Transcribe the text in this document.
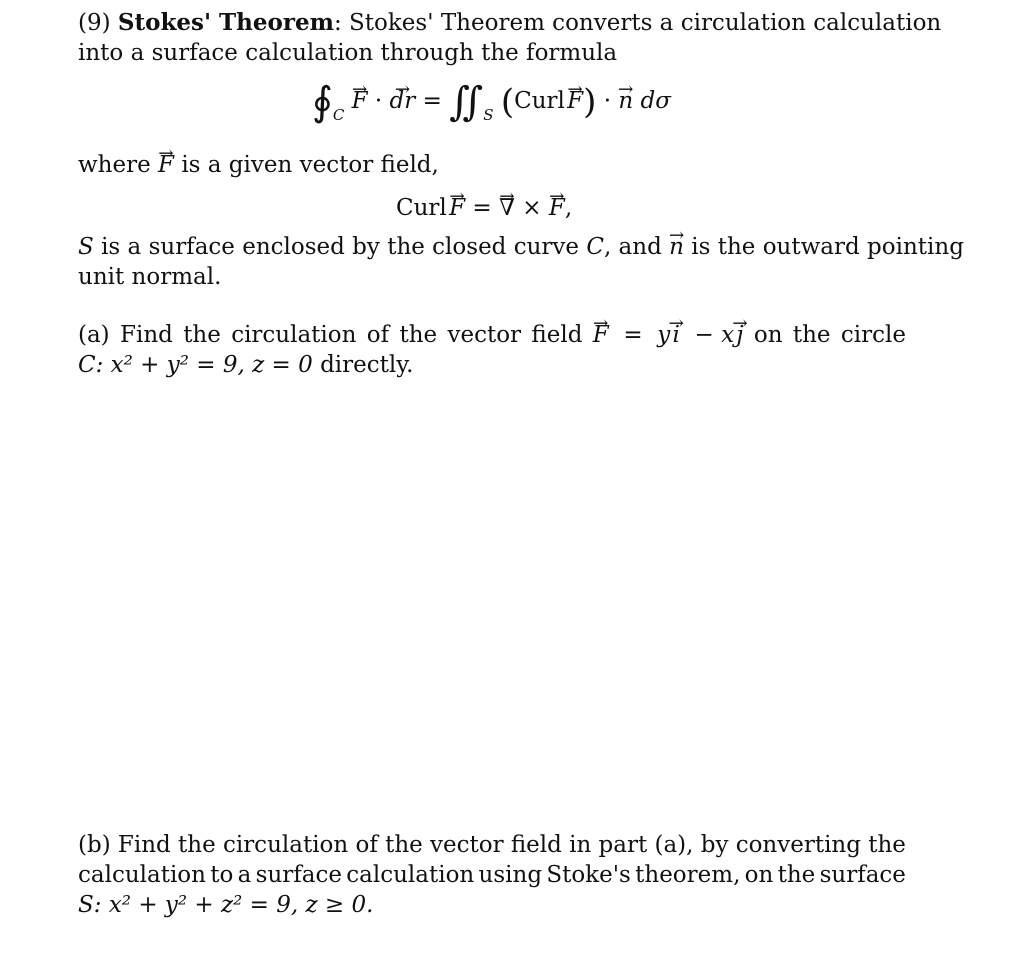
(9) Stokes' Theorem: Stokes' Theorem converts a circulation calculation
into a surface calculation through the formula
$∮_C \to F$ · → dr = $∬_S$ (Curl → F) · → n dσ
where → F is a given vector field,
Curl → F = → ∇ × → F,
S is a surface enclosed by the closed curve C, and → n is the outward pointing
unit normal.
(a) Find the circulation of the vector field → F = y → i − x → j on the circle
C: x² + y² = 9, z = 0 directly.
(b) Find the circulation of the vector field in part (a), by converting the
calculation to a surface calculation using Stoke's theorem, on the surface
S: x² + y² + z² = 9, z ≥ 0.
